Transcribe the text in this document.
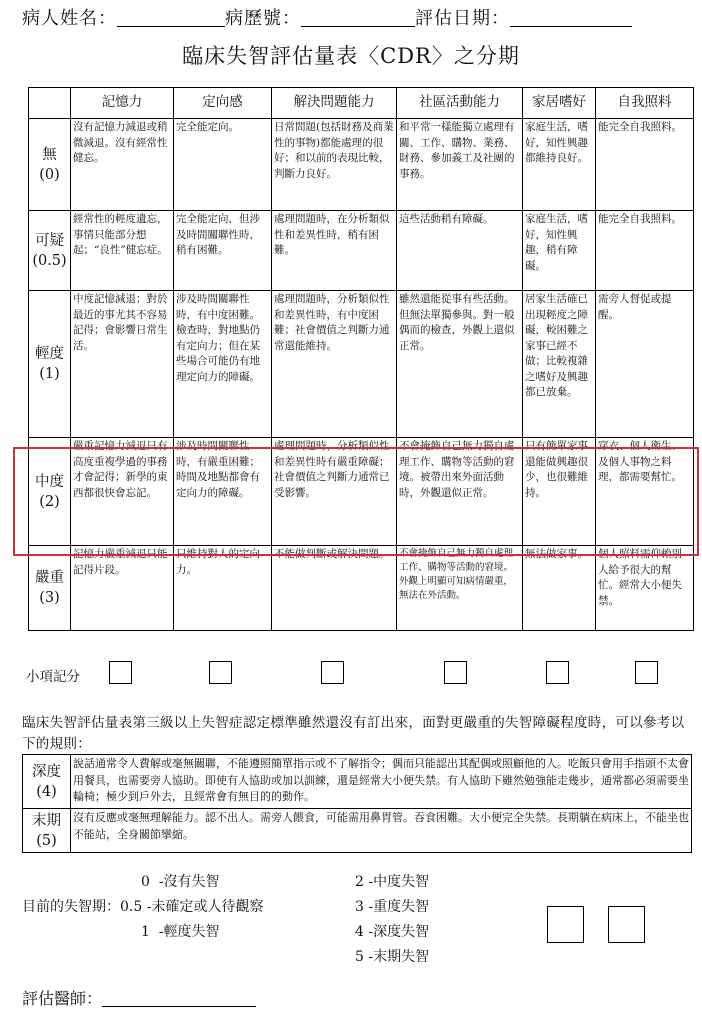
病人姓名：	病歷號：	評估日期：
臨床失智評估量表〈CDR〉之分期
	記憶力	定向感	解決問題能力	社區活動能力	家居嗜好	自我照料

無
(0)	沒有記憶力減退或稍微減退。沒有經常性健忘。	完全能定向。	日常問題(包括財務及商業性的事物)都能處理的很好；和以前的表現比較，判斷力良好。	和平常一樣能獨立處理有關、工作、購物、業務、財務、參加義工及社團的事務。	家庭生活，嗜好，知性興趣都維持良好。	能完全自我照料。

可疑
(0.5)	經常性的輕度遺忘，事情只能部分想起；“良性”健忘症。	完全能定向，但涉及時間關聯性時，稍有困難。	處理問題時，在分析類似性和差異性時，稍有困難。	這些活動稍有障礙。	家庭生活，嗜好，知性興趣，稍有障礙。	能完全自我照料。

輕度
(1)	中度記憶減退；對於最近的事尤其不容易記得；會影響日常生活。	涉及時間關聯性時，有中度困難。檢查時，對地點仍有定向力；但在某些場合可能仍有地理定向力的障礙。	處理問題時，分析類似性和差異性時，有中度困難；社會價值之判斷力通常還能維持。	雖然還能從事有些活動。但無法單獨參與。對一般偶而的檢查，外觀上還似正常。	居家生活確已出現輕度之障礙，較困難之家事已經不做；比較複雜之嗜好及興趣都已放棄。	需旁人督促或提醒。

中度
(2)	嚴重記憶力減退只有高度重複學過的事務才會記得；新學的東西都很快會忘記。	涉及時間關聯性時，有嚴重困難；時間及地點都會有定向力的障礙。	處理問題時，分析類似性和差異性時有嚴重障礙；社會價值之判斷力通常已受影響。	不會掩飾自己無力獨自處理工作、購物等活動的窘境。被帶出來外面活動時，外觀還似正常。	只有簡單家事還能做興趣很少，也很難維持。	穿衣、個人衛生、及個人事物之料理，都需要幫忙。

嚴重
(3)	記憶力嚴重減退只能記得片段。	只維持對人的定向力。	不能做判斷或解決問題。	不會掩飾自己無力獨自處理工作、購物等活動的窘境。外觀上明顯可知病情嚴重，無法在外活動。	無法做家事。	個人照料需仰賴別人給予很大的幫忙。經常大小便失禁。
小項記分
臨床失智評估量表第三級以上失智症認定標準雖然還沒有訂出來，面對更嚴重的失智障礙程度時，可以參考以下的規則：
深度
(4)	說話通常令人費解或毫無關聯，不能遵照簡單指示或不了解指令；偶而只能認出其配偶或照顧他的人。吃飯只會用手指頭不太會用餐具，也需要旁人協助。即使有人協助或加以訓練，還是經常大小便失禁。有人協助下雖然勉強能走幾步，通常都必須需要坐輪椅；極少到戶外去，且經常會有無目的的動作。

末期
(5)	沒有反應或毫無理解能力。認不出人。需旁人餵食，可能需用鼻胃管。吞食困難。大小便完全失禁。長期躺在病床上，不能坐也不能站，全身關節攣縮。
目前的失智期：
0 -沒有失智
0.5 -未確定或人待觀察
1 -輕度失智
2 -中度失智
3 -重度失智
4 -深度失智
5 -末期失智
評估醫師：
